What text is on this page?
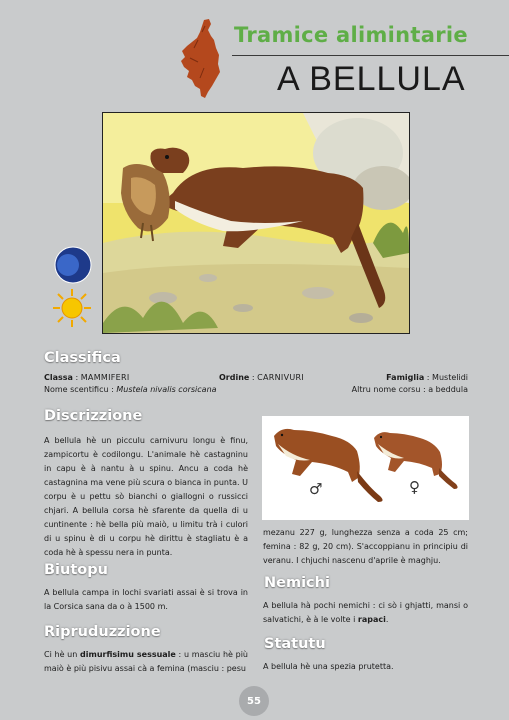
Tramice alimintarie
A BELLULA
Classifica
Classa : MAMMIFERI	Ordine : CARNIVURI	Famiglia : Mustelidi
Nome scentificu : Mustela nivalis corsicana	Altru nome corsu : a beddula
Discrizzione
A bellula hè un picculu carnivuru longu è finu, zampicortu è codilongu. L'animale hè castagninu in capu è à nantu à u spinu. Ancu a coda hè castagnina ma vene più scura o bianca in punta. U corpu è u pettu sò bianchi o giallogni o russicci chjari. A bellula corsa hè sfarente da quella di u cuntinente : hè bella più maiò, u limitu trà i culori di u spinu è di u corpu hè dirittu è stagliatu è a coda hè à spessu nera in punta.
♂	♀
mezanu 227 g, lunghezza senza a coda 25 cm; femina : 82 g, 20 cm). S'accoppianu in principiu di veranu. I chjuchi nascenu d'aprile è maghju.
Biutopu
A bellula campa in lochi svariati assai è si trova in la Corsica sana da o à 1500 m.
Nemichi
A bellula hà pochi nemichi : ci sò i ghjatti, mansi o salvatichi, è à le volte i rapaci.
Ripruduzzione
Ci hè un dimurfisimu sessuale : u masciu hè più maiò è più pisivu assai cà a femina (masciu : pesu
Statutu
A bellula hè una spezia prutetta.
55
